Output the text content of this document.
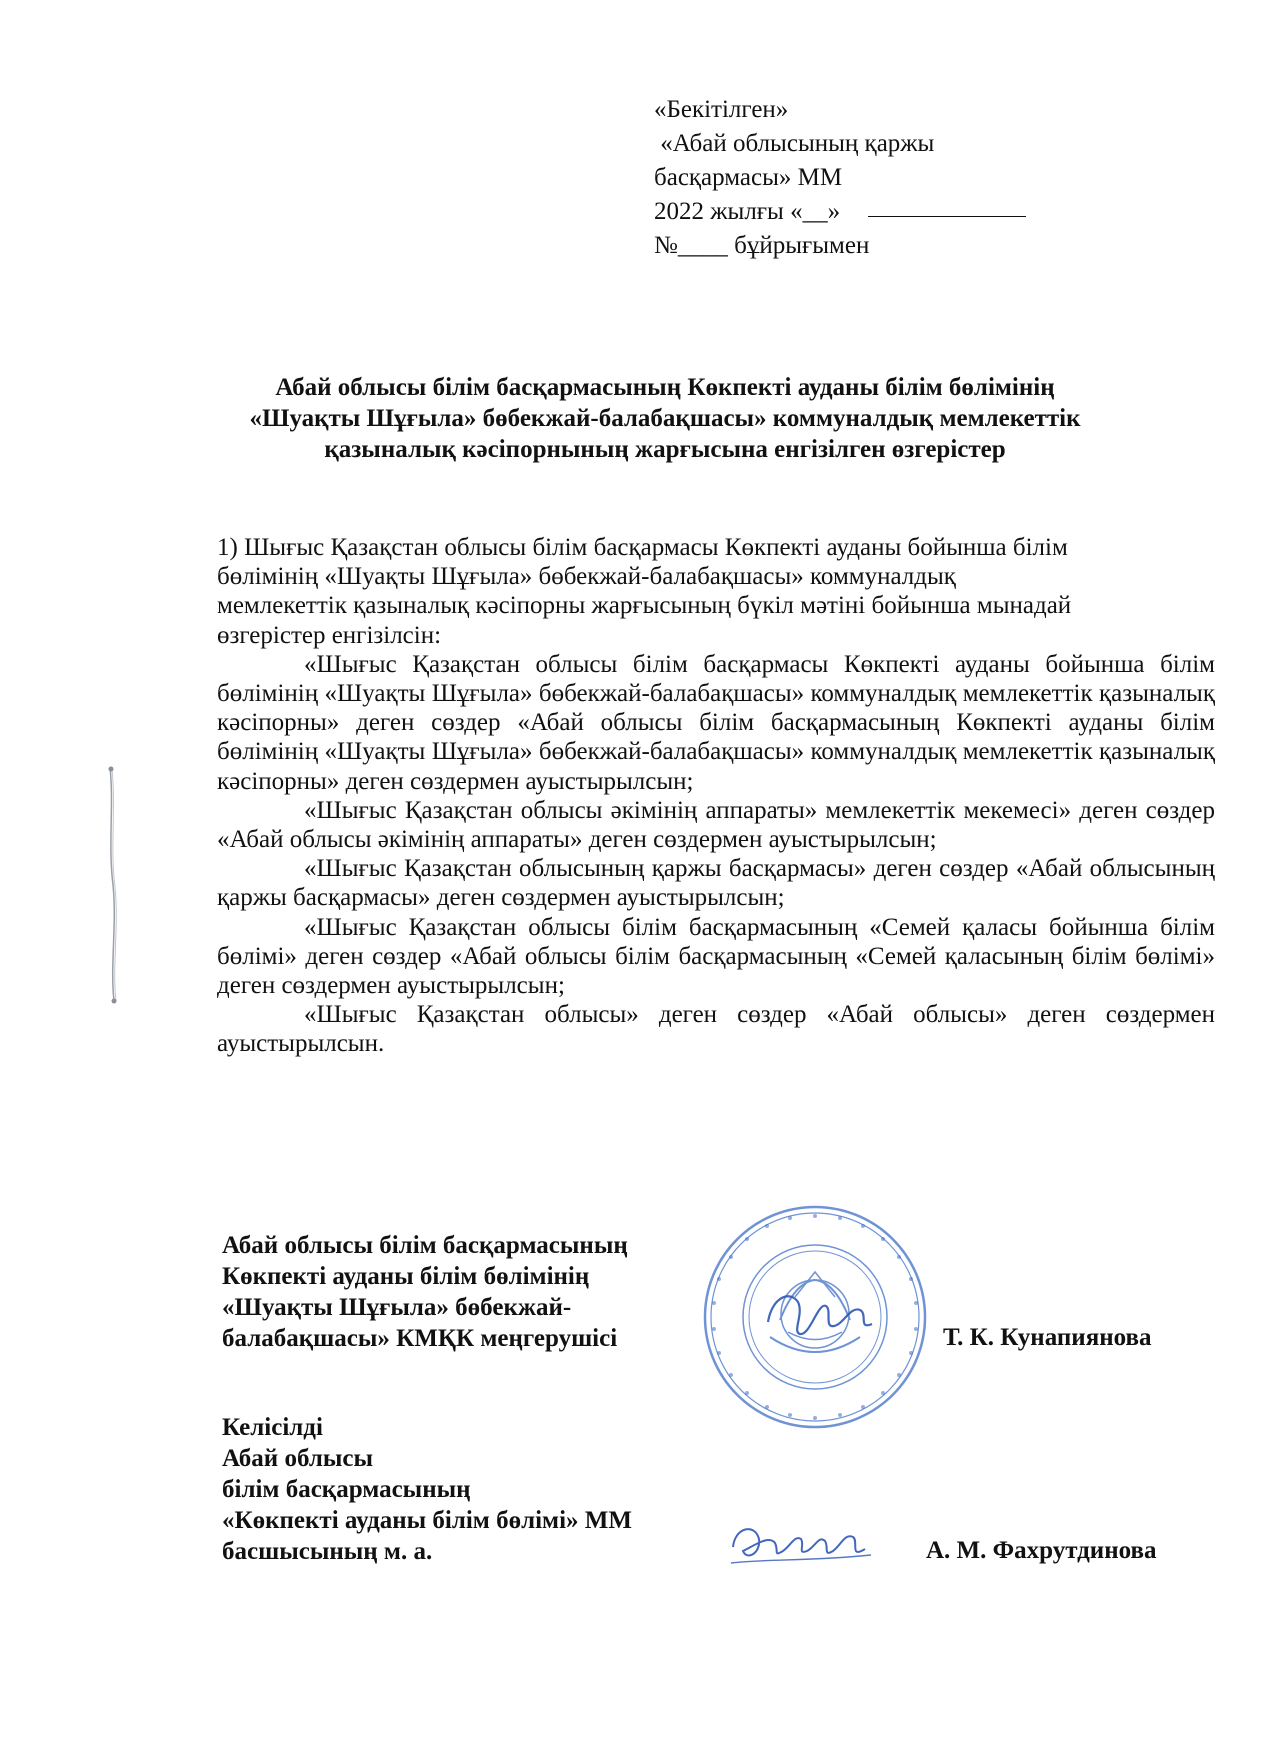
«Бекітілген»
«Абай облысының қаржы
басқармасы» ММ
2022 жылғы «__»
№____ бұйрығымен
Абай облысы білім басқармасының Көкпекті ауданы білім бөлімінің
«Шуақты Шұғыла» бөбекжай-балабақшасы» коммуналдық мемлекеттік
қазыналық кәсіпорнының жарғысына енгізілген өзгерістер

1) Шығыс Қазақстан облысы білім басқармасы Көкпекті ауданы бойынша білім
бөлімінің «Шуақты Шұғыла» бөбекжай-балабақшасы» коммуналдық
мемлекеттік қазыналық кәсіпорны жарғысының бүкіл мәтіні бойынша мынадай
өзгерістер енгізілсін:

«Шығыс Қазақстан облысы білім басқармасы Көкпекті ауданы бойынша білім бөлімінің «Шуақты Шұғыла» бөбекжай-балабақшасы» коммуналдық мемлекеттік қазыналық кәсіпорны» деген сөздер «Абай облысы білім басқармасының Көкпекті ауданы білім бөлімінің «Шуақты Шұғыла» бөбекжай-балабақшасы» коммуналдық мемлекеттік қазыналық кәсіпорны» деген сөздермен ауыстырылсын;

«Шығыс Қазақстан облысы әкімінің аппараты» мемлекеттік мекемесі» деген сөздер «Абай облысы әкімінің аппараты» деген сөздермен ауыстырылсын;

«Шығыс Қазақстан облысының қаржы басқармасы» деген сөздер «Абай облысының қаржы басқармасы» деген сөздермен ауыстырылсын;

«Шығыс Қазақстан облысы білім басқармасының «Семей қаласы бойынша білім бөлімі» деген сөздер «Абай облысы білім басқармасының «Семей қаласының білім бөлімі» деген сөздермен ауыстырылсын;

«Шығыс Қазақстан облысы» деген сөздер «Абай облысы» деген сөздермен ауыстырылсын.

Абай облысы білім басқармасының
Көкпекті ауданы білім бөлімінің
«Шуақты Шұғыла» бөбекжай-
балабақшасы» КМҚК меңгерушісі	Т. К. Кунапиянова
Келісілді
Абай облысы
білім басқармасының
«Көкпекті ауданы білім бөлімі» ММ
басшысының м. а.	А. М. Фахрутдинова
